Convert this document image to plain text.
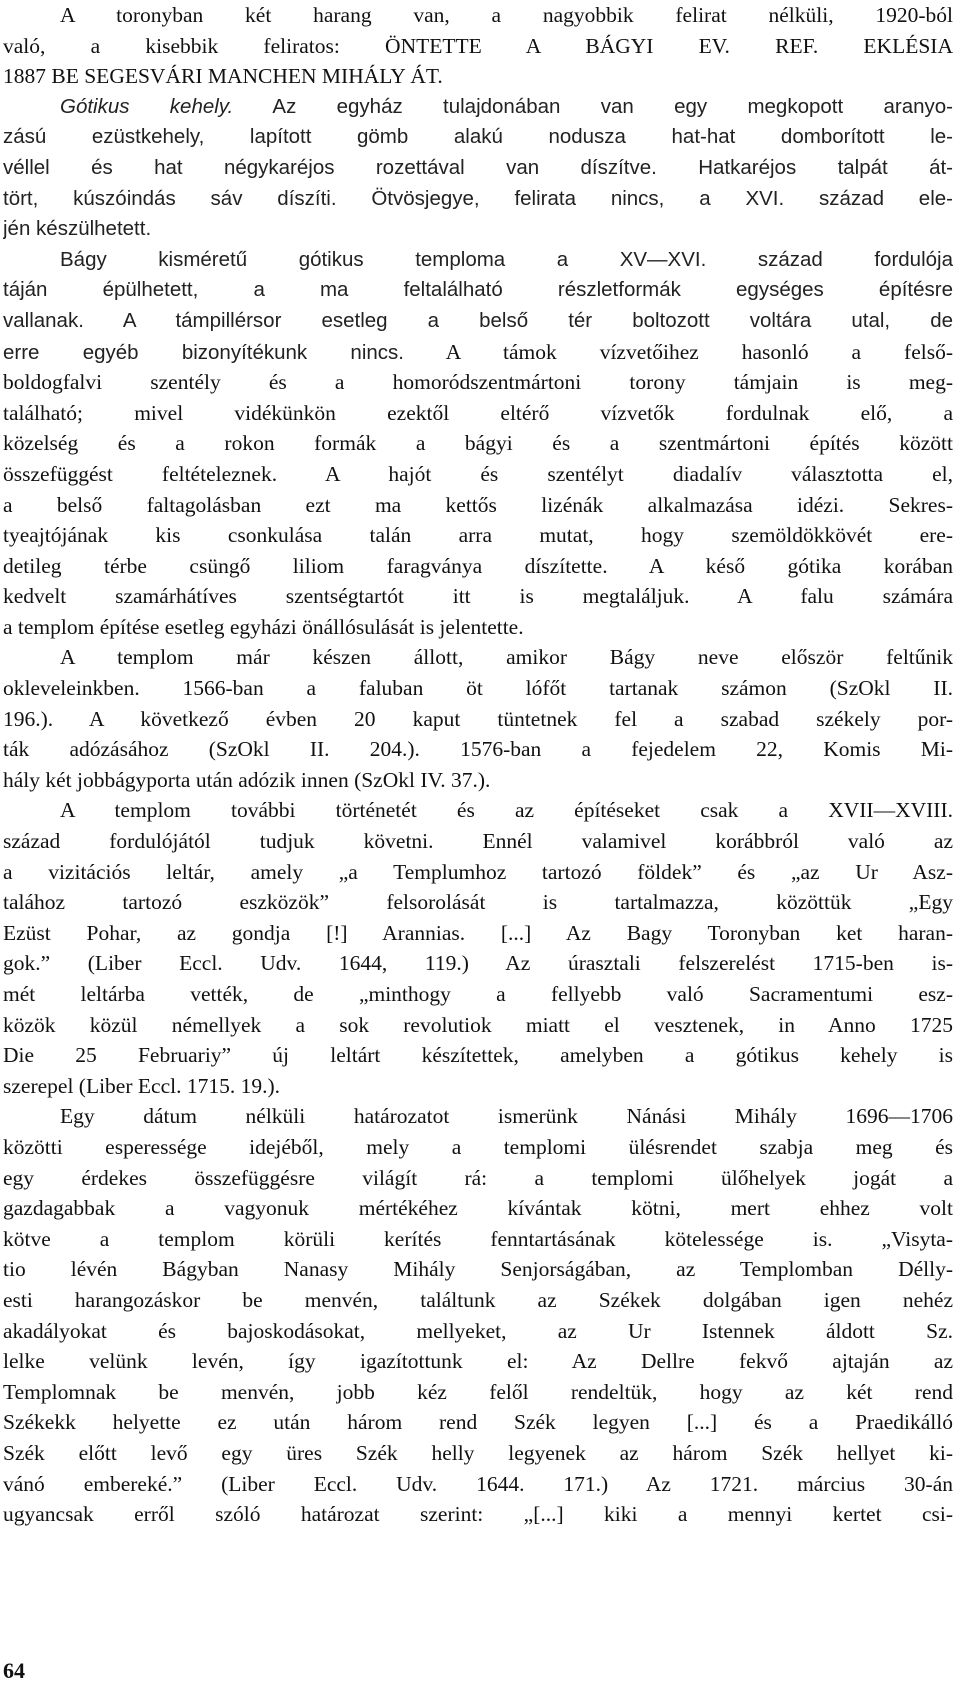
A toronyban két harang van, a nagyobbik felirat nélküli, 1920-ból
való, a kisebbik feliratos: ÖNTETTE A BÁGYI EV. REF. EKLÉSIA
1887 BE SEGESVÁRI MANCHEN MIHÁLY ÁT.
Gótikus kehely. Az egyház tulajdonában van egy megkopott aranyo-
zású ezüstkehely, lapított gömb alakú nodusza hat-hat domborított le-
véllel és hat négykaréjos rozettával van díszítve. Hatkaréjos talpát át-
tört, kúszóindás sáv díszíti. Ötvösjegye, felirata nincs, a XVI. század ele-
jén készülhetett.
Bágy kisméretű gótikus temploma a XV—XVI. század fordulója
táján épülhetett, a ma feltalálható részletformák egységes építésre
vallanak. A támpillérsor esetleg a belső tér boltozott voltára utal, de
erre egyéb bizonyítékunk nincs. A támok vízvetőihez hasonló a felső-
boldogfalvi szentély és a homoródszentmártoni torony támjain is meg-
található; mivel vidékünkön ezektől eltérő vízvetők fordulnak elő, a
közelség és a rokon formák a bágyi és a szentmártoni építés között
összefüggést feltételeznek. A hajót és szentélyt diadalív választotta el,
a belső faltagolásban ezt ma kettős lizénák alkalmazása idézi. Sekres-
tyeajtójának kis csonkulása talán arra mutat, hogy szemöldökkövét ere-
detileg térbe csüngő liliom faragványa díszítette. A késő gótika korában
kedvelt szamárhátíves szentségtartót itt is megtaláljuk. A falu számára
a templom építése esetleg egyházi önállósulását is jelentette.
A templom már készen állott, amikor Bágy neve először feltűnik
okleveleinkben. 1566-ban a faluban öt lófőt tartanak számon (SzOkl II.
196.). A következő évben 20 kaput tüntetnek fel a szabad székely por-
ták adózásához (SzOkl II. 204.). 1576-ban a fejedelem 22, Komis Mi-
hály két jobbágyporta után adózik innen (SzOkl IV. 37.).
A templom további történetét és az építéseket csak a XVII—XVIII.
század fordulójától tudjuk követni. Ennél valamivel korábbról való az
a vizitációs leltár, amely „a Templumhoz tartozó földek” és „az Ur Asz-
talához tartozó eszközök” felsorolását is tartalmazza, közöttük „Egy
Ezüst Pohar, az gondja [!] Arannias. [...] Az Bagy Toronyban ket haran-
gok.” (Liber Eccl. Udv. 1644, 119.) Az úrasztali felszerelést 1715-ben is-
mét leltárba vették, de „minthogy a fellyebb való Sacramentumi esz-
közök közül némellyek a sok revolutiok miatt el vesztenek, in Anno 1725
Die 25 Februariy” új leltárt készítettek, amelyben a gótikus kehely is
szerepel (Liber Eccl. 1715. 19.).
Egy dátum nélküli határozatot ismerünk Nánási Mihály 1696—1706
közötti esperessége idejéből, mely a templomi ülésrendet szabja meg és
egy érdekes összefüggésre világít rá: a templomi ülőhelyek jogát a
gazdagabbak a vagyonuk mértékéhez kívántak kötni, mert ehhez volt
kötve a templom körüli kerítés fenntartásának kötelessége is. „Visyta-
tio lévén Bágyban Nanasy Mihály Senjorságában, az Templomban Délly-
esti harangozáskor be menvén, találtunk az Székek dolgában igen nehéz
akadályokat és bajoskodásokat, mellyeket, az Ur Istennek áldott Sz.
lelke velünk levén, így igazítottunk el: Az Dellre fekvő ajtaján az
Templomnak be menvén, jobb kéz felől rendeltük, hogy az két rend
Székekk helyette ez után három rend Szék legyen [...] és a Praedikálló
Szék előtt levő egy üres Szék helly legyenek az három Szék hellyet ki-
vánó embereké.” (Liber Eccl. Udv. 1644. 171.) Az 1721. március 30-án
ugyancsak erről szóló határozat szerint: „[...] kiki a mennyi kertet csi-
64
